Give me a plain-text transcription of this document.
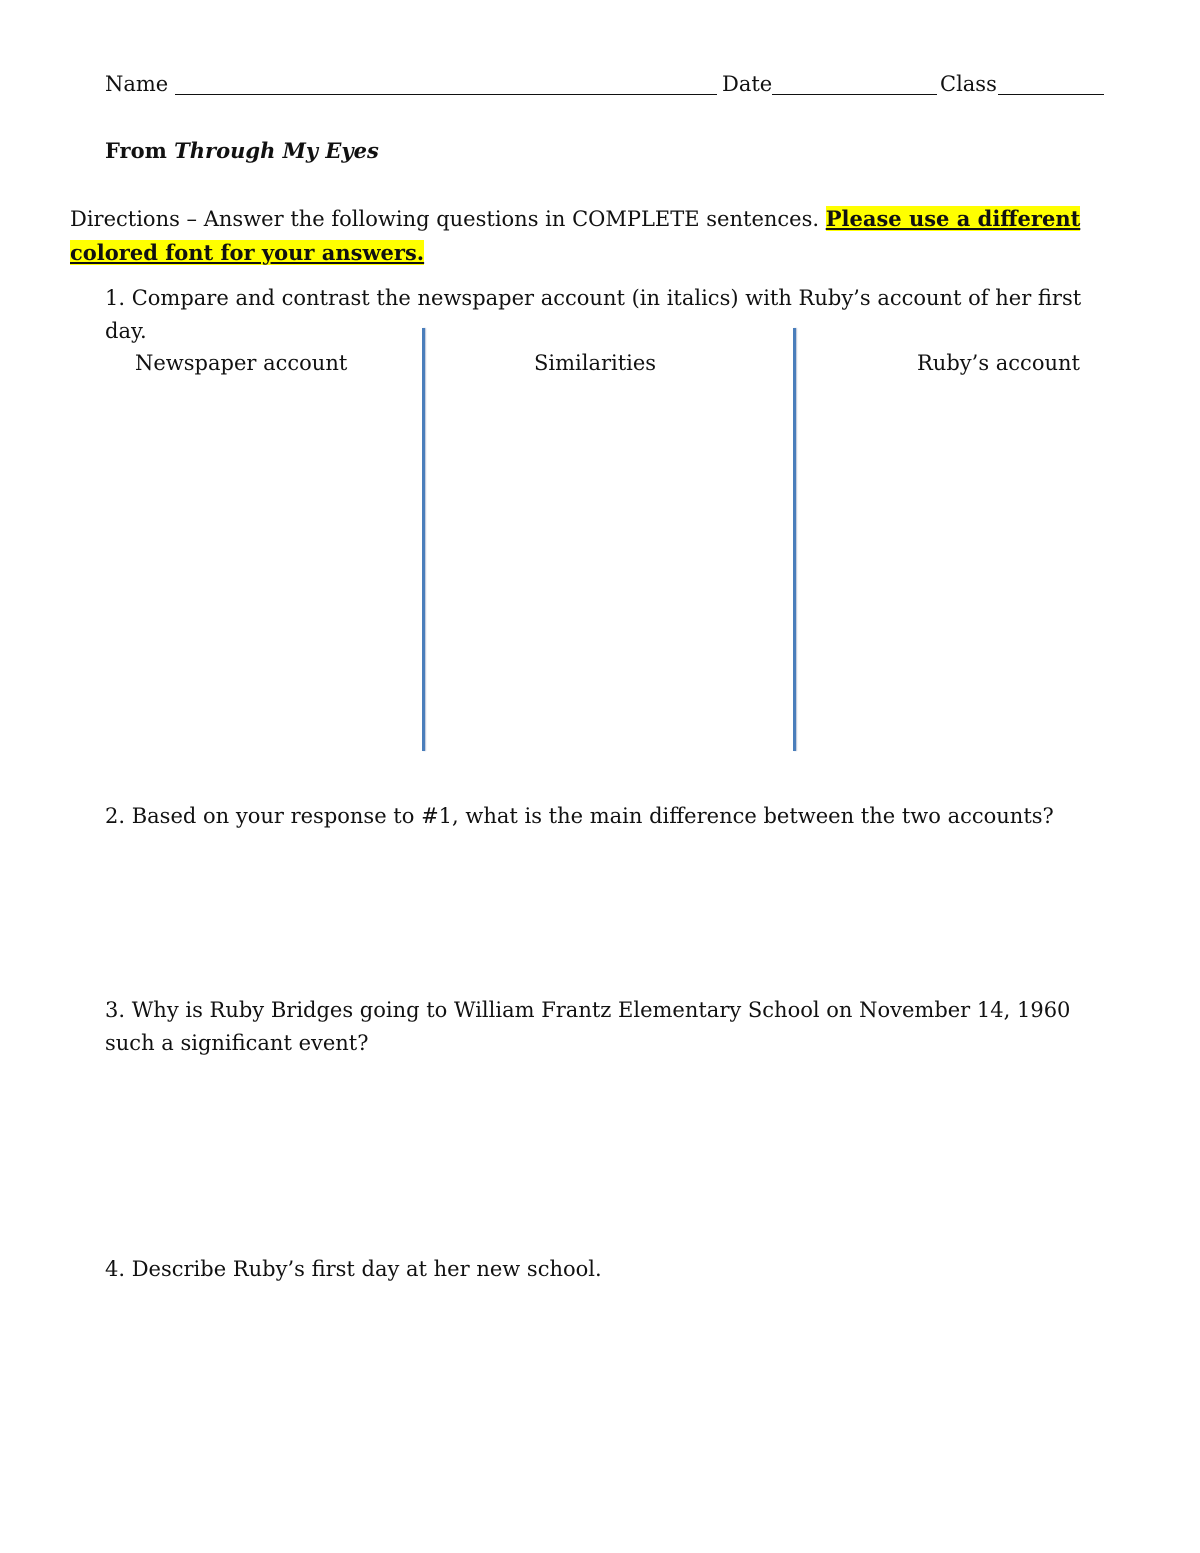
Name	Date	Class
From Through My Eyes
Directions – Answer the following questions in COMPLETE sentences. Please use a different colored font for your answers.
1. Compare and contrast the newspaper account (in italics) with Ruby’s account of her first day.
Newspaper account	Similarities	Ruby’s account
2. Based on your response to #1, what is the main difference between the two accounts?
3. Why is Ruby Bridges going to William Frantz Elementary School on November 14, 1960 such a significant event?
4. Describe Ruby’s first day at her new school.
